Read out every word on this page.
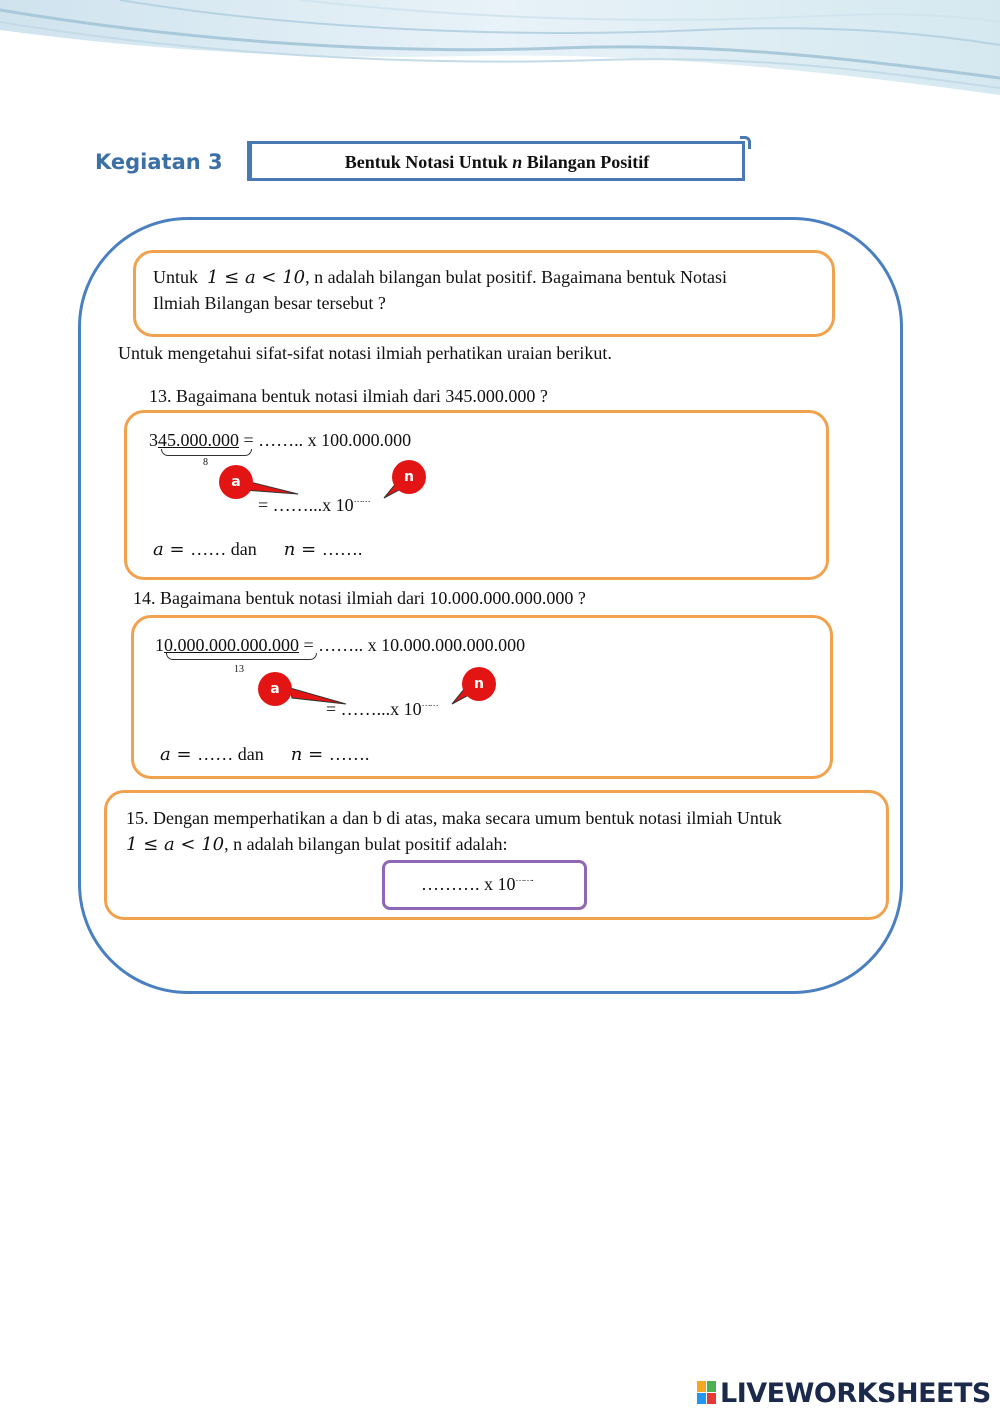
Kegiatan 3	Bentuk Notasi Untuk n Bilangan Positif
Untuk 1 ≤ a < 10, n adalah bilangan bulat positif. Bagaimana bentuk Notasi
Ilmiah Bilangan besar tersebut ?
Untuk mengetahui sifat-sifat notasi ilmiah perhatikan uraian berikut.
13. Bagaimana bentuk notasi ilmiah dari 345.000.000 ?
345.000.000 = …….. x 100.000.000
8
a	n
= ……...x 10……
a = …… dan n = …….
14. Bagaimana bentuk notasi ilmiah dari 10.000.000.000.000 ?
10.000.000.000.000 = …….. x 10.000.000.000.000
13
a	n
= ……...x 10……
a = …… dan n = …….
15. Dengan memperhatikan a dan b di atas, maka secara umum bentuk notasi ilmiah Untuk
1 ≤ a < 10, n adalah bilangan bulat positif adalah:
………. x 10…….
LIVEWORKSHEETS
